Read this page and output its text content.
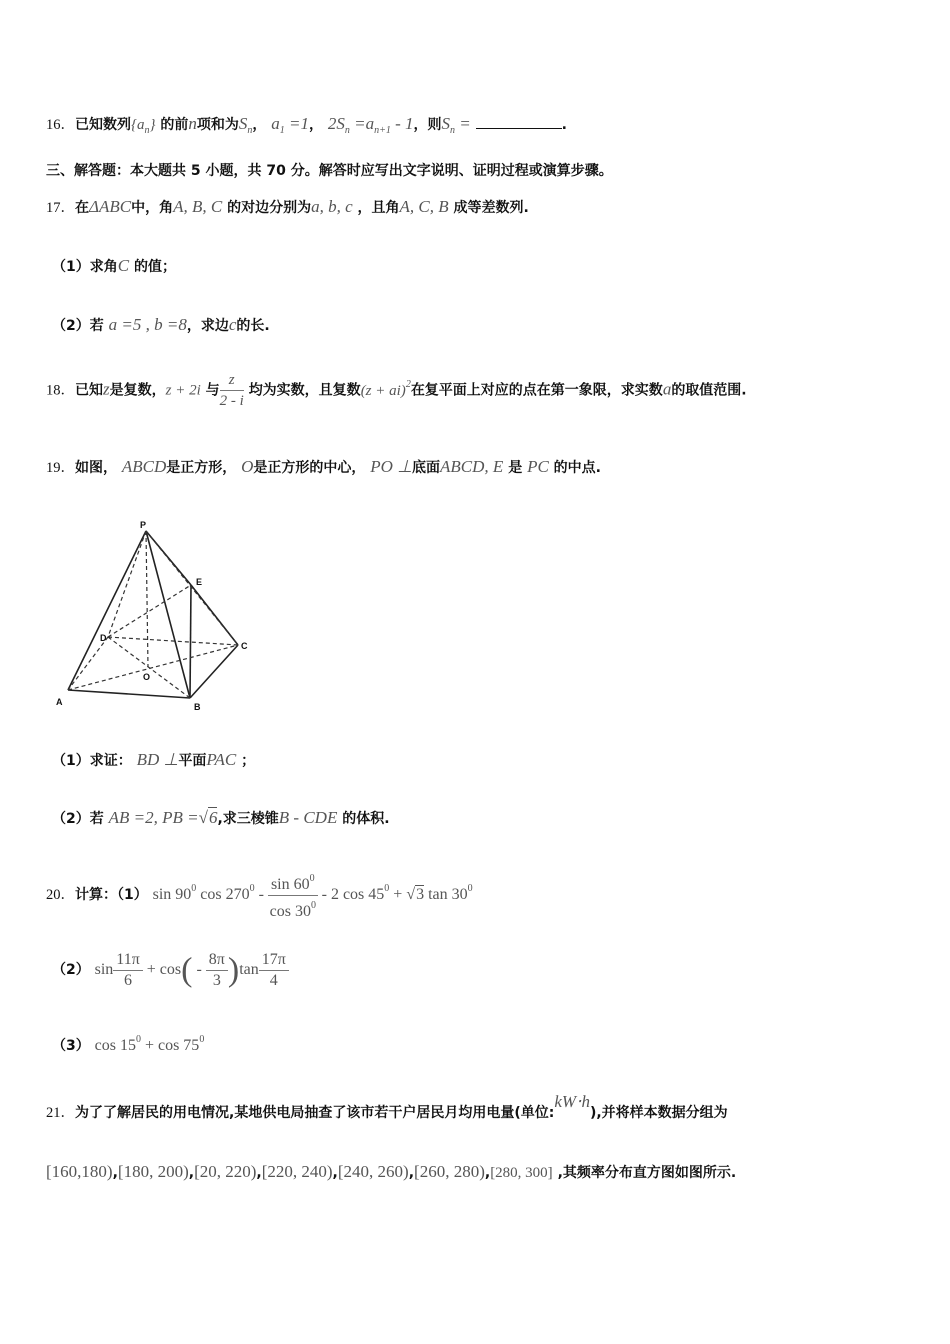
16．已知数列$\{a_n\}$ 的前n项和为$S_n$， $a_1 =1$， $2S_n =a_{n+1} - 1$，则$S_n$ =	.
三、解答题：本大题共 5 小题，共 70 分。解答时应写出文字说明、证明过程或演算步骤。
17．在ΔABC中，角A, B, C 的对边分别为a, b, c ，且角A, C, B 成等差数列.
（1）求角C 的值；
（2）若 a =5 , b =8，求边c的长.
18．已知z是复数，z + 2i 与 $\frac{z}{2 - i}$ 均为实数，且复数(z + ai)$^2$在复平面上对应的点在第一象限，求实数a的取值范围.
19．如图， ABCD是正方形， O是正方形的中心， PO ⊥底面ABCD, E 是 PC 的中点.
P
E
D
C
O
A	B
（1）求证： BD ⊥平面PAC ；
（2）若 AB =2, PB =√6,求三棱锥B - CDE 的体积.
20．计算：（1） $\sin 90^0$ $\cos 270^0 - \frac{\sin 60^0}{\cos 30^0} - 2$ $\cos 45^0 + √3$ $\tan 30^0$
（2） $\sin \frac{11\pi}{6} + \cos( - \frac{8\pi}{3} )\tan \frac{17\pi}{4}$
（3） $\cos 15^0 + \cos 75^0$
21．为了了解居民的用电情况,某地供电局抽查了该市若干户居民月均用电量(单位:kW⋅h),并将样本数据分组为
[160,180),[180, 200),[20, 220),[220, 240),[240, 260),[260, 280),[280, 300] ,其频率分布直方图如图所示.
